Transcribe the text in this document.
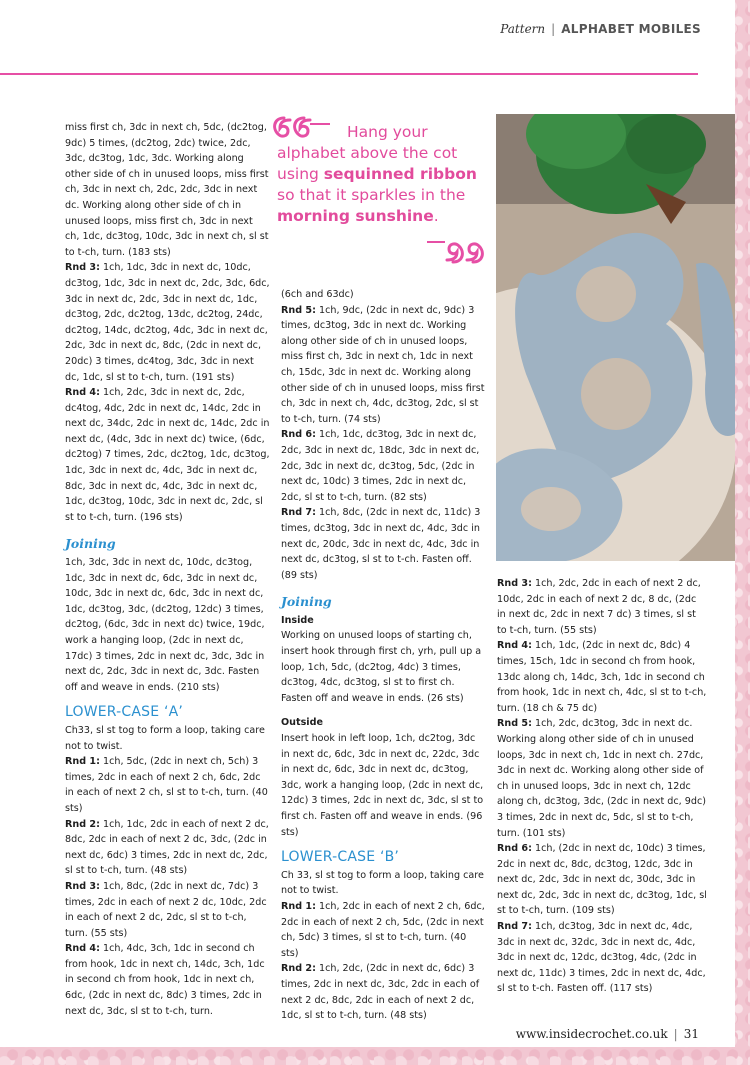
Pattern | ALPHABET MOBILES

miss first ch, 3dc in next ch, 5dc, (dc2tog, 9dc) 5 times, (dc2tog, 2dc) twice, 2dc, 3dc, dc3tog, 1dc, 3dc. Working along other side of ch in unused loops, miss first ch, 3dc in next ch, 2dc, 2dc, 3dc in next dc. Working along other side of ch in unused loops, miss first ch, 3dc in next ch, 1dc, dc3tog, 10dc, 3dc in next ch, sl st to t-ch, turn. (183 sts)

Rnd 3: 1ch, 1dc, 3dc in next dc, 10dc, dc3tog, 1dc, 3dc in next dc, 2dc, 3dc, 6dc, 3dc in next dc, 2dc, 3dc in next dc, 1dc, dc3tog, 2dc, dc2tog, 13dc, dc2tog, 24dc, dc2tog, 14dc, dc2tog, 4dc, 3dc in next dc, 2dc, 3dc in next dc, 8dc, (2dc in next dc, 20dc) 3 times, dc4tog, 3dc, 3dc in next dc, 1dc, sl st to t-ch, turn. (191 sts)

Rnd 4: 1ch, 2dc, 3dc in next dc, 2dc, dc4tog, 4dc, 2dc in next dc, 14dc, 2dc in next dc, 34dc, 2dc in next dc, 14dc, 2dc in next dc, (4dc, 3dc in next dc) twice, (6dc, dc2tog) 7 times, 2dc, dc2tog, 1dc, dc3tog, 1dc, 3dc in next dc, 4dc, 3dc in next dc, 8dc, 3dc in next dc, 4dc, 3dc in next dc, 1dc, dc3tog, 10dc, 3dc in next dc, 2dc, sl st to t-ch, turn. (196 sts)

Joining

1ch, 3dc, 3dc in next dc, 10dc, dc3tog, 1dc, 3dc in next dc, 6dc, 3dc in next dc, 10dc, 3dc in next dc, 6dc, 3dc in next dc, 1dc, dc3tog, 3dc, (dc2tog, 12dc) 3 times, dc2tog, (6dc, 3dc in next dc) twice, 19dc, work a hanging loop, (2dc in next dc, 17dc) 3 times, 2dc in next dc, 3dc, 3dc in next dc, 2dc, 3dc in next dc, 3dc. Fasten off and weave in ends. (210 sts)

LOWER-CASE ‘A’

Ch33, sl st tog to form a loop, taking care not to twist.

Rnd 1: 1ch, 5dc, (2dc in next ch, 5ch) 3 times, 2dc in each of next 2 ch, 6dc, 2dc in each of next 2 ch, sl st to t-ch, turn. (40 sts)

Rnd 2: 1ch, 1dc, 2dc in each of next 2 dc, 8dc, 2dc in each of next 2 dc, 3dc, (2dc in next dc, 6dc) 3 times, 2dc in next dc, 2dc, sl st to t-ch, turn. (48 sts)

Rnd 3: 1ch, 8dc, (2dc in next dc, 7dc) 3 times, 2dc in each of next 2 dc, 10dc, 2dc in each of next 2 dc, 2dc, sl st to t-ch, turn. (55 sts)

Rnd 4: 1ch, 4dc, 3ch, 1dc in second ch from hook, 1dc in next ch, 14dc, 3ch, 1dc in second ch from hook, 1dc in next ch, 6dc, (2dc in next dc, 8dc) 3 times, 2dc in next dc, 3dc, sl st to t-ch, turn.

Hang your
alphabet above the cot using sequinned ribbon so that it sparkles in the morning sunshine.

(6ch and 63dc)

Rnd 5: 1ch, 9dc, (2dc in next dc, 9dc) 3 times, dc3tog, 3dc in next dc. Working along other side of ch in unused loops, miss first ch, 3dc in next ch, 1dc in next ch, 15dc, 3dc in next dc. Working along other side of ch in unused loops, miss first ch, 3dc in next ch, 4dc, dc3tog, 2dc, sl st to t-ch, turn. (74 sts)

Rnd 6: 1ch, 1dc, dc3tog, 3dc in next dc, 2dc, 3dc in next dc, 18dc, 3dc in next dc, 2dc, 3dc in next dc, dc3tog, 5dc, (2dc in next dc, 10dc) 3 times, 2dc in next dc, 2dc, sl st to t-ch, turn. (82 sts)

Rnd 7: 1ch, 8dc, (2dc in next dc, 11dc) 3 times, dc3tog, 3dc in next dc, 4dc, 3dc in next dc, 20dc, 3dc in next dc, 4dc, 3dc in next dc, dc3tog, sl st to t-ch. Fasten off. (89 sts)

Joining

Inside

Working on unused loops of starting ch, insert hook through first ch, yrh, pull up a loop, 1ch, 5dc, (dc2tog, 4dc) 3 times, dc3tog, 4dc, dc3tog, sl st to first ch. Fasten off and weave in ends. (26 sts)

Outside

Insert hook in left loop, 1ch, dc2tog, 3dc in next dc, 6dc, 3dc in next dc, 22dc, 3dc in next dc, 6dc, 3dc in next dc, dc3tog, 3dc, work a hanging loop, (2dc in next dc, 12dc) 3 times, 2dc in next dc, 3dc, sl st to first ch. Fasten off and weave in ends. (96 sts)

LOWER-CASE ‘B’

Ch 33, sl st tog to form a loop, taking care not to twist.

Rnd 1: 1ch, 2dc in each of next 2 ch, 6dc, 2dc in each of next 2 ch, 5dc, (2dc in next ch, 5dc) 3 times, sl st to t-ch, turn. (40 sts)

Rnd 2: 1ch, 2dc, (2dc in next dc, 6dc) 3 times, 2dc in next dc, 3dc, 2dc in each of next 2 dc, 8dc, 2dc in each of next 2 dc, 1dc, sl st to t-ch, turn. (48 sts)

Rnd 3: 1ch, 2dc, 2dc in each of next 2 dc, 10dc, 2dc in each of next 2 dc, 8 dc, (2dc in next dc, 2dc in next 7 dc) 3 times, sl st to t-ch, turn. (55 sts)

Rnd 4: 1ch, 1dc, (2dc in next dc, 8dc) 4 times, 15ch, 1dc in second ch from hook, 13dc along ch, 14dc, 3ch, 1dc in second ch from hook, 1dc in next ch, 4dc, sl st to t-ch, turn. (18 ch & 75 dc)

Rnd 5: 1ch, 2dc, dc3tog, 3dc in next dc. Working along other side of ch in unused loops, 3dc in next ch, 1dc in next ch. 27dc, 3dc in next dc. Working along other side of ch in unused loops, 3dc in next ch, 12dc along ch, dc3tog, 3dc, (2dc in next dc, 9dc) 3 times, 2dc in next dc, 5dc, sl st to t-ch, turn. (101 sts)

Rnd 6: 1ch, (2dc in next dc, 10dc) 3 times, 2dc in next dc, 8dc, dc3tog, 12dc, 3dc in next dc, 2dc, 3dc in next dc, 30dc, 3dc in next dc, 2dc, 3dc in next dc, dc3tog, 1dc, sl st to t-ch, turn. (109 sts)

Rnd 7: 1ch, dc3tog, 3dc in next dc, 4dc, 3dc in next dc, 32dc, 3dc in next dc, 4dc, 3dc in next dc, 12dc, dc3tog, 4dc, (2dc in next dc, 11dc) 3 times, 2dc in next dc, 4dc, sl st to t-ch. Fasten off. (117 sts)

www.insidecrochet.co.uk | 31
